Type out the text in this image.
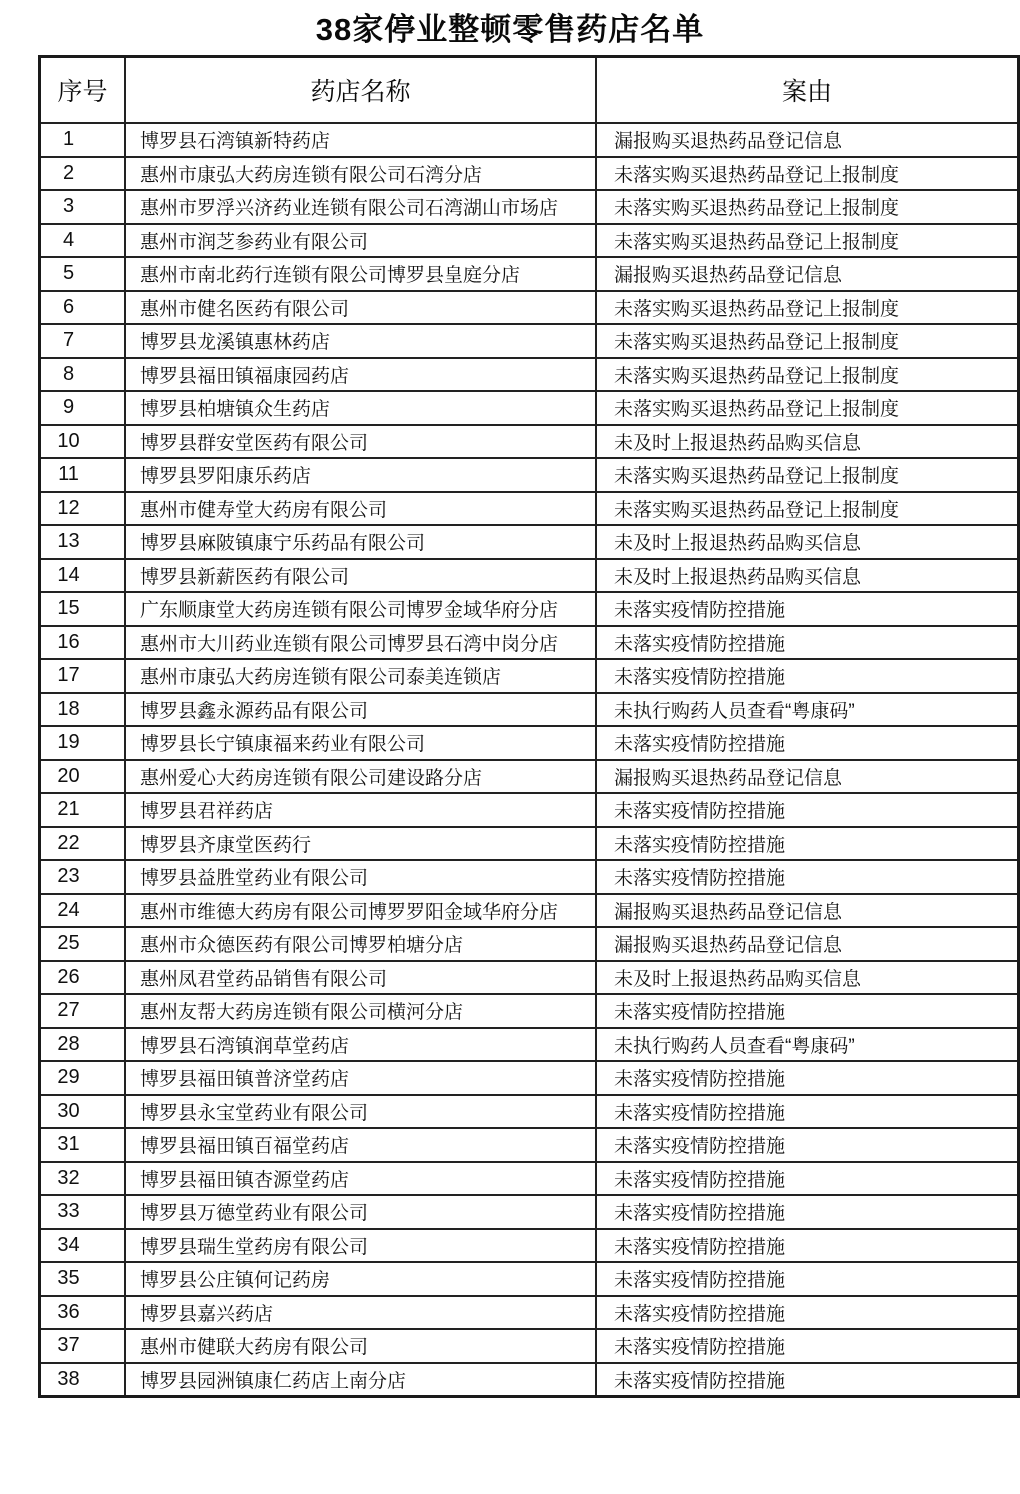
38家停业整顿零售药店名单
序号	药店名称	案由
1	博罗县石湾镇新特药店	漏报购买退热药品登记信息
2	惠州市康弘大药房连锁有限公司石湾分店	未落实购买退热药品登记上报制度
3	惠州市罗浮兴济药业连锁有限公司石湾湖山市场店	未落实购买退热药品登记上报制度
4	惠州市润芝参药业有限公司	未落实购买退热药品登记上报制度
5	惠州市南北药行连锁有限公司博罗县皇庭分店	漏报购买退热药品登记信息
6	惠州市健名医药有限公司	未落实购买退热药品登记上报制度
7	博罗县龙溪镇惠林药店	未落实购买退热药品登记上报制度
8	博罗县福田镇福康园药店	未落实购买退热药品登记上报制度
9	博罗县柏塘镇众生药店	未落实购买退热药品登记上报制度
10	博罗县群安堂医药有限公司	未及时上报退热药品购买信息
11	博罗县罗阳康乐药店	未落实购买退热药品登记上报制度
12	惠州市健寿堂大药房有限公司	未落实购买退热药品登记上报制度
13	博罗县麻陂镇康宁乐药品有限公司	未及时上报退热药品购买信息
14	博罗县新薪医药有限公司	未及时上报退热药品购买信息
15	广东顺康堂大药房连锁有限公司博罗金域华府分店	未落实疫情防控措施
16	惠州市大川药业连锁有限公司博罗县石湾中岗分店	未落实疫情防控措施
17	惠州市康弘大药房连锁有限公司泰美连锁店	未落实疫情防控措施
18	博罗县鑫永源药品有限公司	未执行购药人员查看“粤康码”
19	博罗县长宁镇康福来药业有限公司	未落实疫情防控措施
20	惠州爱心大药房连锁有限公司建设路分店	漏报购买退热药品登记信息
21	博罗县君祥药店	未落实疫情防控措施
22	博罗县齐康堂医药行	未落实疫情防控措施
23	博罗县益胜堂药业有限公司	未落实疫情防控措施
24	惠州市维德大药房有限公司博罗罗阳金域华府分店	漏报购买退热药品登记信息
25	惠州市众德医药有限公司博罗柏塘分店	漏报购买退热药品登记信息
26	惠州凤君堂药品销售有限公司	未及时上报退热药品购买信息
27	惠州友帮大药房连锁有限公司横河分店	未落实疫情防控措施
28	博罗县石湾镇润草堂药店	未执行购药人员查看“粤康码”
29	博罗县福田镇普济堂药店	未落实疫情防控措施
30	博罗县永宝堂药业有限公司	未落实疫情防控措施
31	博罗县福田镇百福堂药店	未落实疫情防控措施
32	博罗县福田镇杏源堂药店	未落实疫情防控措施
33	博罗县万德堂药业有限公司	未落实疫情防控措施
34	博罗县瑞生堂药房有限公司	未落实疫情防控措施
35	博罗县公庄镇何记药房	未落实疫情防控措施
36	博罗县嘉兴药店	未落实疫情防控措施
37	惠州市健联大药房有限公司	未落实疫情防控措施
38	博罗县园洲镇康仁药店上南分店	未落实疫情防控措施
